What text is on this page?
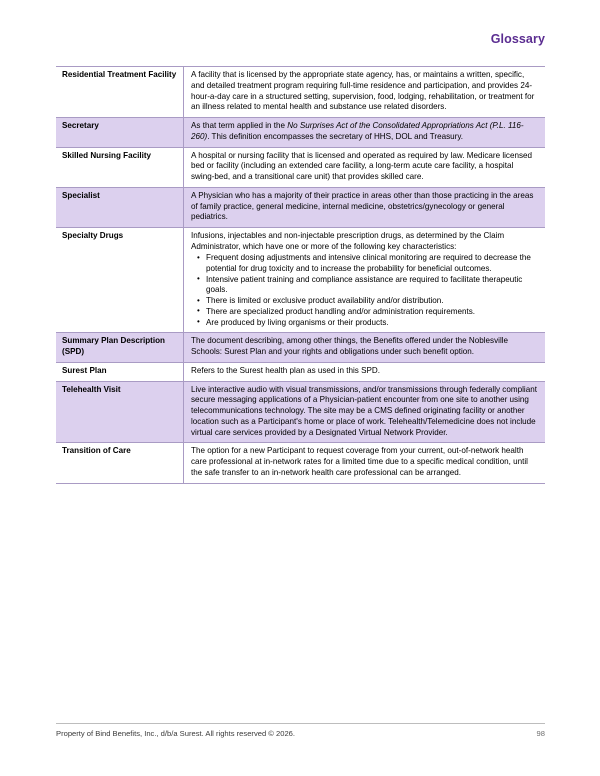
Glossary
Residential Treatment Facility	A facility that is licensed by the appropriate state agency, has, or maintains a written, specific, and detailed treatment program requiring full-time residence and participation, and provides 24-hour-a-day care in a structured setting, supervision, food, lodging, rehabilitation, or treatment for an illness related to mental health and substance use related disorders.

Secretary	As that term applied in the No Surprises Act of the Consolidated Appropriations Act (P.L. 116-260). This definition encompasses the secretary of HHS, DOL and Treasury.

Skilled Nursing Facility	A hospital or nursing facility that is licensed and operated as required by law. Medicare licensed bed or facility (including an extended care facility, a long-term acute care facility, a hospital swing-bed, and a transitional care unit) that provides skilled care.

Specialist	A Physician who has a majority of their practice in areas other than those practicing in the areas of family practice, general medicine, internal medicine, obstetrics/gynecology or general pediatrics.

Specialty Drugs	Infusions, injectables and non-injectable prescription drugs, as determined by the Claim Administrator, which have one or more of the following key characteristics:

• Frequent dosing adjustments and intensive clinical monitoring are required to decrease the potential for drug toxicity and to increase the probability for beneficial outcomes.
• Intensive patient training and compliance assistance are required to facilitate therapeutic goals.
• There is limited or exclusive product availability and/or distribution.
• There are specialized product handling and/or administration requirements.
• Are produced by living organisms or their products.

Summary Plan Description (SPD)	The document describing, among other things, the Benefits offered under the Noblesville Schools: Surest Plan and your rights and obligations under such benefit option.

Surest Plan	Refers to the Surest health plan as used in this SPD.

Telehealth Visit	Live interactive audio with visual transmissions, and/or transmissions through federally compliant secure messaging applications of a Physician-patient encounter from one site to another using telecommunications technology. The site may be a CMS defined originating facility or another location such as a Participant's home or place of work. Telehealth/Telemedicine does not include virtual care services provided by a Designated Virtual Network Provider.

Transition of Care	The option for a new Participant to request coverage from your current, out-of-network health care professional at in-network rates for a limited time due to a specific medical condition, until the safe transfer to an in-network health care professional can be arranged.

Property of Bind Benefits, Inc., d/b/a Surest. All rights reserved © 2026.	98
